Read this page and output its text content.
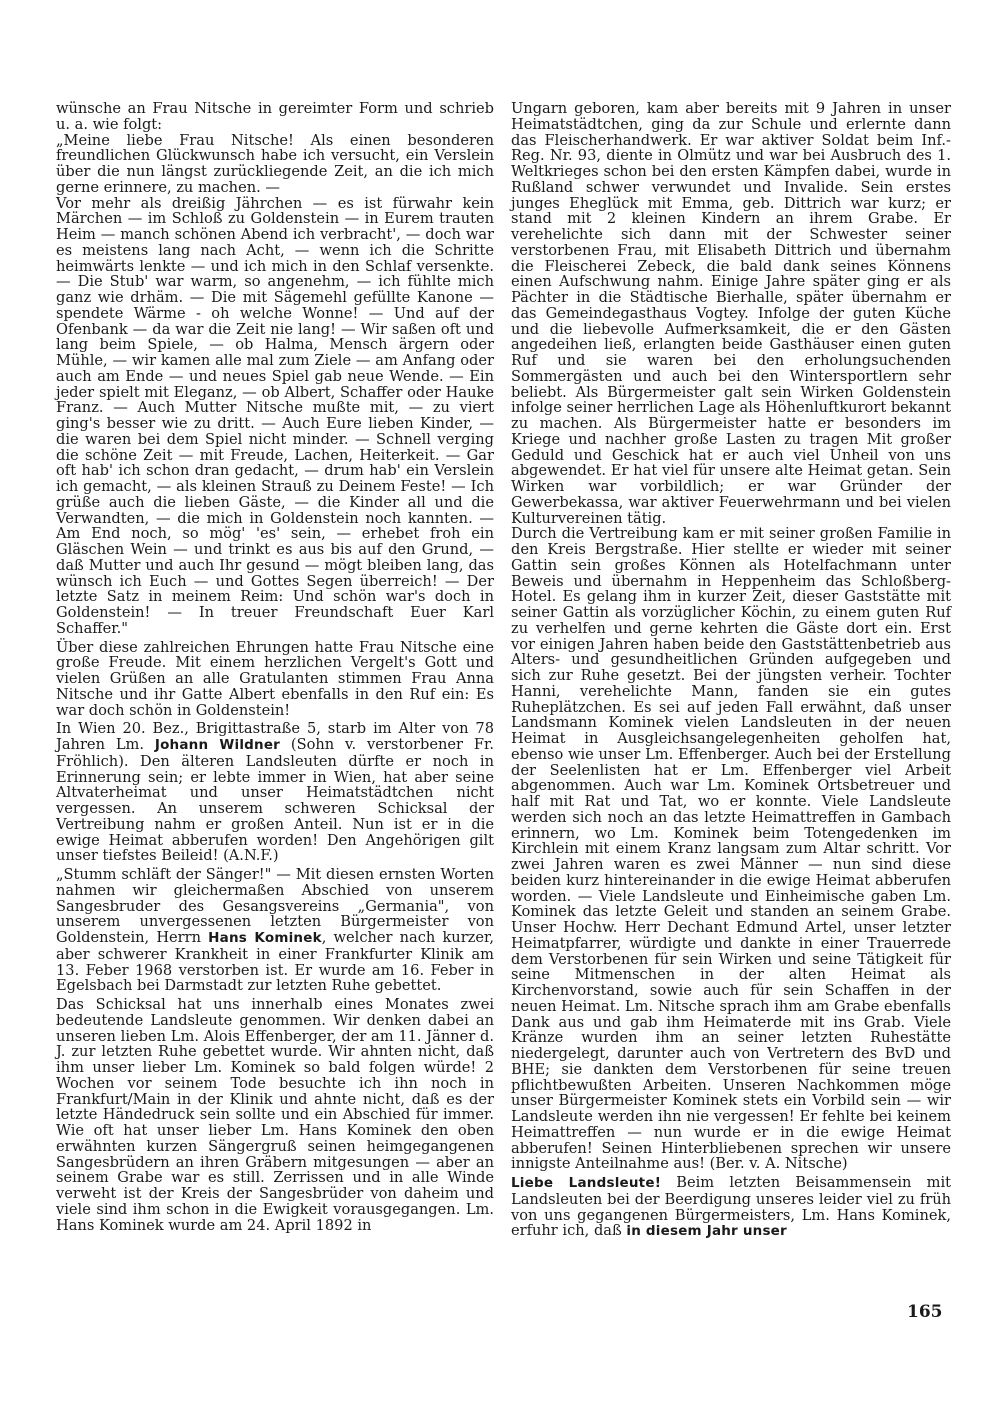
wünsche an Frau Nitsche in gereimter Form und schrieb u. a. wie folgt:

„Meine liebe Frau Nitsche! Als einen besonderen freundlichen Glückwunsch habe ich versucht, ein Verslein über die nun längst zurückliegende Zeit, an die ich mich gerne erinnere, zu machen. —

Vor mehr als dreißig Jährchen — es ist fürwahr kein Märchen — im Schloß zu Goldenstein — in Eurem trauten Heim — manch schönen Abend ich verbracht', — doch war es meistens lang nach Acht, — wenn ich die Schritte heimwärts lenkte — und ich mich in den Schlaf versenkte. — Die Stub' war warm, so angenehm, — ich fühlte mich ganz wie drhäm. — Die mit Sägemehl gefüllte Kanone — spendete Wärme - oh welche Wonne! — Und auf der Ofenbank — da war die Zeit nie lang! — Wir saßen oft und lang beim Spiele, — ob Halma, Mensch ärgern oder Mühle, — wir kamen alle mal zum Ziele — am Anfang oder auch am Ende — und neues Spiel gab neue Wende. — Ein jeder spielt mit Eleganz, — ob Albert, Schaffer oder Hauke Franz. — Auch Mutter Nitsche mußte mit, — zu viert ging's besser wie zu dritt. — Auch Eure lieben Kinder, — die waren bei dem Spiel nicht minder. — Schnell verging die schöne Zeit — mit Freude, Lachen, Heiterkeit. — Gar oft hab' ich schon dran gedacht, — drum hab' ein Verslein ich gemacht, — als kleinen Strauß zu Deinem Feste! — Ich grüße auch die lieben Gäste, — die Kinder all und die Verwandten, — die mich in Goldenstein noch kannten. — Am End noch, so mög' 'es' sein, — erhebet froh ein Gläschen Wein — und trinkt es aus bis auf den Grund, — daß Mutter und auch Ihr gesund — mögt bleiben lang, das wünsch ich Euch — und Gottes Segen überreich! — Der letzte Satz in meinem Reim: Und schön war's doch in Goldenstein! — In treuer Freundschaft Euer Karl Schaffer."

Über diese zahlreichen Ehrungen hatte Frau Nitsche eine große Freude. Mit einem herzlichen Vergelt's Gott und vielen Grüßen an alle Gratulanten stimmen Frau Anna Nitsche und ihr Gatte Albert ebenfalls in den Ruf ein: Es war doch schön in Goldenstein!

In Wien 20. Bez., Brigittastraße 5, starb im Alter von 78 Jahren Lm. Johann Wildner (Sohn v. verstorbener Fr. Fröhlich). Den älteren Landsleuten dürfte er noch in Erinnerung sein; er lebte immer in Wien, hat aber seine Altvaterheimat und unser Heimatstädtchen nicht vergessen. An unserem schweren Schicksal der Vertreibung nahm er großen Anteil. Nun ist er in die ewige Heimat abberufen worden! Den Angehörigen gilt unser tiefstes Beileid! (A.N.F.)

„Stumm schläft der Sänger!" — Mit diesen ernsten Worten nahmen wir gleichermaßen Abschied von unserem Sangesbruder des Gesangsvereins „Germania", von unserem unvergessenen letzten Bürgermeister von Goldenstein, Herrn Hans Kominek, welcher nach kurzer, aber schwerer Krankheit in einer Frankfurter Klinik am 13. Feber 1968 verstorben ist. Er wurde am 16. Feber in Egelsbach bei Darmstadt zur letzten Ruhe gebettet.

Das Schicksal hat uns innerhalb eines Monates zwei bedeutende Landsleute genommen. Wir denken dabei an unseren lieben Lm. Alois Effenberger, der am 11. Jänner d. J. zur letzten Ruhe gebettet wurde. Wir ahnten nicht, daß ihm unser lieber Lm. Kominek so bald folgen würde! 2 Wochen vor seinem Tode besuchte ich ihn noch in Frankfurt/Main in der Klinik und ahnte nicht, daß es der letzte Händedruck sein sollte und ein Abschied für immer. Wie oft hat unser lieber Lm. Hans Kominek den oben erwähnten kurzen Sängergruß seinen heimgegangenen Sangesbrüdern an ihren Gräbern mitgesungen — aber an seinem Grabe war es still. Zerrissen und in alle Winde verweht ist der Kreis der Sangesbrüder von daheim und viele sind ihm schon in die Ewigkeit vorausgegangen. Lm. Hans Kominek wurde am 24. April 1892 in

Ungarn geboren, kam aber bereits mit 9 Jahren in unser Heimatstädtchen, ging da zur Schule und erlernte dann das Fleischerhandwerk. Er war aktiver Soldat beim Inf.-Reg. Nr. 93, diente in Olmütz und war bei Ausbruch des 1. Weltkrieges schon bei den ersten Kämpfen dabei, wurde in Rußland schwer verwundet und Invalide. Sein erstes junges Eheglück mit Emma, geb. Dittrich war kurz; er stand mit 2 kleinen Kindern an ihrem Grabe. Er verehelichte sich dann mit der Schwester seiner verstorbenen Frau, mit Elisabeth Dittrich und übernahm die Fleischerei Zebeck, die bald dank seines Könnens einen Aufschwung nahm. Einige Jahre später ging er als Pächter in die Städtische Bierhalle, später übernahm er das Gemeindegasthaus Vogtey. Infolge der guten Küche und die liebevolle Aufmerksamkeit, die er den Gästen angedeihen ließ, erlangten beide Gasthäuser einen guten Ruf und sie waren bei den erholungsuchenden Sommergästen und auch bei den Wintersportlern sehr beliebt. Als Bürgermeister galt sein Wirken Goldenstein infolge seiner herrlichen Lage als Höhenluftkurort bekannt zu machen. Als Bürgermeister hatte er besonders im Kriege und nachher große Lasten zu tragen Mit großer Geduld und Geschick hat er auch viel Unheil von uns abgewendet. Er hat viel für unsere alte Heimat getan. Sein Wirken war vorbildlich; er war Gründer der Gewerbekassa, war aktiver Feuerwehrmann und bei vielen Kulturvereinen tätig.

Durch die Vertreibung kam er mit seiner großen Familie in den Kreis Bergstraße. Hier stellte er wieder mit seiner Gattin sein großes Können als Hotelfachmann unter Beweis und übernahm in Heppenheim das Schloßberg-Hotel. Es gelang ihm in kurzer Zeit, dieser Gaststätte mit seiner Gattin als vorzüglicher Köchin, zu einem guten Ruf zu verhelfen und gerne kehrten die Gäste dort ein. Erst vor einigen Jahren haben beide den Gaststättenbetrieb aus Alters- und gesundheitlichen Gründen aufgegeben und sich zur Ruhe gesetzt. Bei der jüngsten verheir. Tochter Hanni, verehelichte Mann, fanden sie ein gutes Ruheplätzchen. Es sei auf jeden Fall erwähnt, daß unser Landsmann Kominek vielen Landsleuten in der neuen Heimat in Ausgleichsangelegenheiten geholfen hat, ebenso wie unser Lm. Effenberger. Auch bei der Erstellung der Seelenlisten hat er Lm. Effenberger viel Arbeit abgenommen. Auch war Lm. Kominek Ortsbetreuer und half mit Rat und Tat, wo er konnte. Viele Landsleute werden sich noch an das letzte Heimattreffen in Gambach erinnern, wo Lm. Kominek beim Totengedenken im Kirchlein mit einem Kranz langsam zum Altar schritt. Vor zwei Jahren waren es zwei Männer — nun sind diese beiden kurz hintereinander in die ewige Heimat abberufen worden. — Viele Landsleute und Einheimische gaben Lm. Kominek das letzte Geleit und standen an seinem Grabe. Unser Hochw. Herr Dechant Edmund Artel, unser letzter Heimatpfarrer, würdigte und dankte in einer Trauerrede dem Verstorbenen für sein Wirken und seine Tätigkeit für seine Mitmenschen in der alten Heimat als Kirchenvorstand, sowie auch für sein Schaffen in der neuen Heimat. Lm. Nitsche sprach ihm am Grabe ebenfalls Dank aus und gab ihm Heimaterde mit ins Grab. Viele Kränze wurden ihm an seiner letzten Ruhestätte niedergelegt, darunter auch von Vertretern des BvD und BHE; sie dankten dem Verstorbenen für seine treuen pflichtbewußten Arbeiten. Unseren Nachkommen möge unser Bürgermeister Kominek stets ein Vorbild sein — wir Landsleute werden ihn nie vergessen! Er fehlte bei keinem Heimattreffen — nun wurde er in die ewige Heimat abberufen! Seinen Hinterbliebenen sprechen wir unsere innigste Anteilnahme aus! (Ber. v. A. Nitsche)

Liebe Landsleute! Beim letzten Beisammensein mit Landsleuten bei der Beerdigung unseres leider viel zu früh von uns gegangenen Bürgermeisters, Lm. Hans Kominek, erfuhr ich, daß in diesem Jahr unser

165
